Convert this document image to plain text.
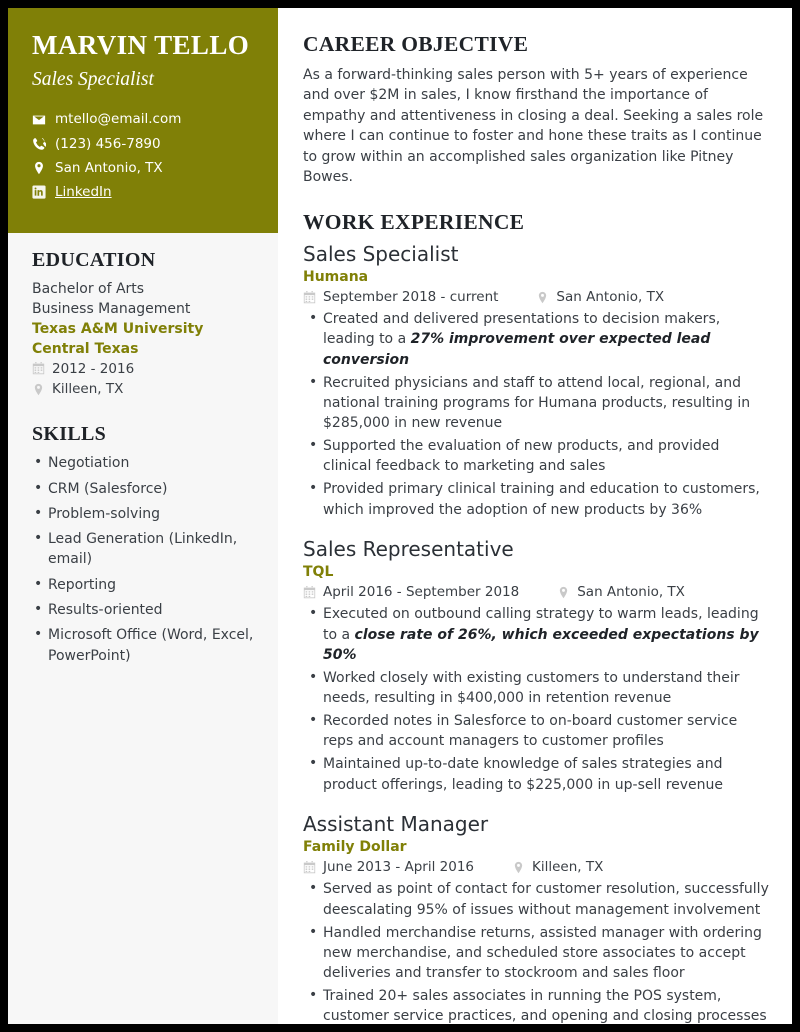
MARVIN TELLO
Sales Specialist
mtello@email.com
(123) 456-7890
San Antonio, TX
LinkedIn
EDUCATION
Bachelor of Arts
Business Management
Texas A&M University
Central Texas
2012 - 2016
Killeen, TX
SKILLS
• Negotiation
• CRM (Salesforce)
• Problem-solving
• Lead Generation (LinkedIn, email)
• Reporting
• Results-oriented
• Microsoft Office (Word, Excel, PowerPoint)
CAREER OBJECTIVE

As a forward-thinking sales person with 5+ years of experience and over $2M in sales, I know firsthand the importance of empathy and attentiveness in closing a deal. Seeking a sales role where I can continue to foster and hone these traits as I continue to grow within an accomplished sales organization like Pitney Bowes.

WORK EXPERIENCE
Sales Specialist
Humana
September 2018 - current	San Antonio, TX
• Created and delivered presentations to decision makers, leading to a 27% improvement over expected lead conversion
• Recruited physicians and staff to attend local, regional, and national training programs for Humana products, resulting in $285,000 in new revenue
• Supported the evaluation of new products, and provided clinical feedback to marketing and sales
• Provided primary clinical training and education to customers, which improved the adoption of new products by 36%
Sales Representative
TQL
April 2016 - September 2018	San Antonio, TX
• Executed on outbound calling strategy to warm leads, leading to a close rate of 26%, which exceeded expectations by 50%
• Worked closely with existing customers to understand their needs, resulting in $400,000 in retention revenue
• Recorded notes in Salesforce to on-board customer service reps and account managers to customer profiles
• Maintained up-to-date knowledge of sales strategies and product offerings, leading to $225,000 in up-sell revenue
Assistant Manager
Family Dollar
June 2013 - April 2016	Killeen, TX
• Served as point of contact for customer resolution, successfully deescalating 95% of issues without management involvement
• Handled merchandise returns, assisted manager with ordering new merchandise, and scheduled store associates to accept deliveries and transfer to stockroom and sales floor
• Trained 20+ sales associates in running the POS system, customer service practices, and opening and closing processes
